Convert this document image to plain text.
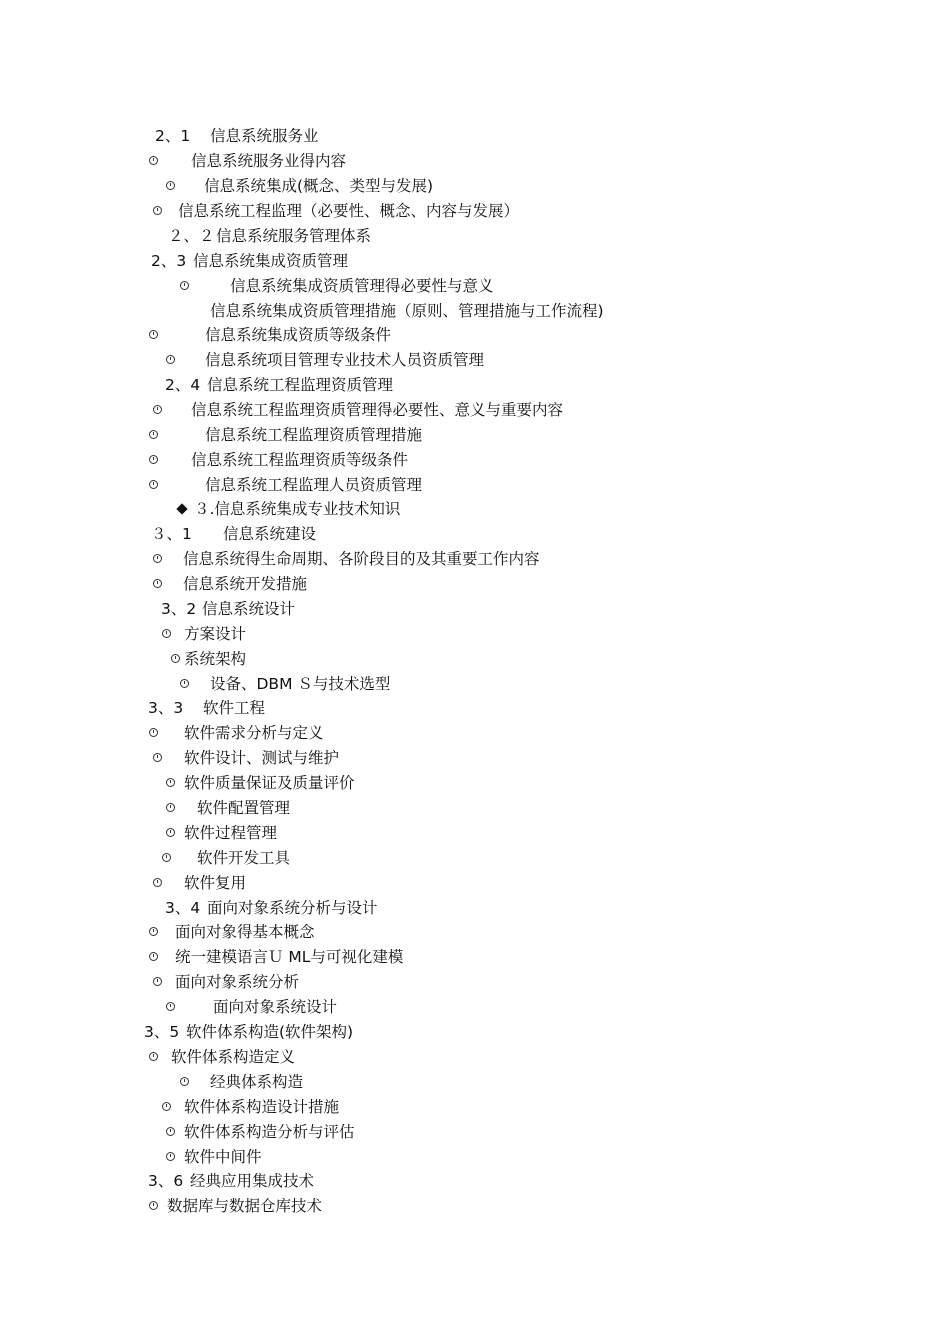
2、1 信息系统服务业
信息系统服务业得内容
信息系统集成(概念、类型与发展)
信息系统工程监理（必要性、概念、内容与发展）
２、２ 信息系统服务管理体系
2、3 信息系统集成资质管理
信息系统集成资质管理得必要性与意义
信息系统集成资质管理措施（原则、管理措施与工作流程)
信息系统集成资质等级条件
信息系统项目管理专业技术人员资质管理
2、4 信息系统工程监理资质管理
信息系统工程监理资质管理得必要性、意义与重要内容
信息系统工程监理资质管理措施
信息系统工程监理资质等级条件
信息系统工程监理人员资质管理
３.信息系统集成专业技术知识
３、1 信息系统建设
信息系统得生命周期、各阶段目的及其重要工作内容
信息系统开发措施
3、2 信息系统设计
方案设计
系统架构
设备、DBM Ｓ与技术选型
3、3 软件工程
软件需求分析与定义
软件设计、测试与维护
软件质量保证及质量评价
软件配置管理
软件过程管理
软件开发工具
软件复用
3、4 面向对象系统分析与设计
面向对象得基本概念
统一建模语言Ｕ ML与可视化建模
面向对象系统分析
面向对象系统设计
3、5 软件体系构造(软件架构)
软件体系构造定义
经典体系构造
软件体系构造设计措施
软件体系构造分析与评估
软件中间件
3、6 经典应用集成技术
数据库与数据仓库技术
